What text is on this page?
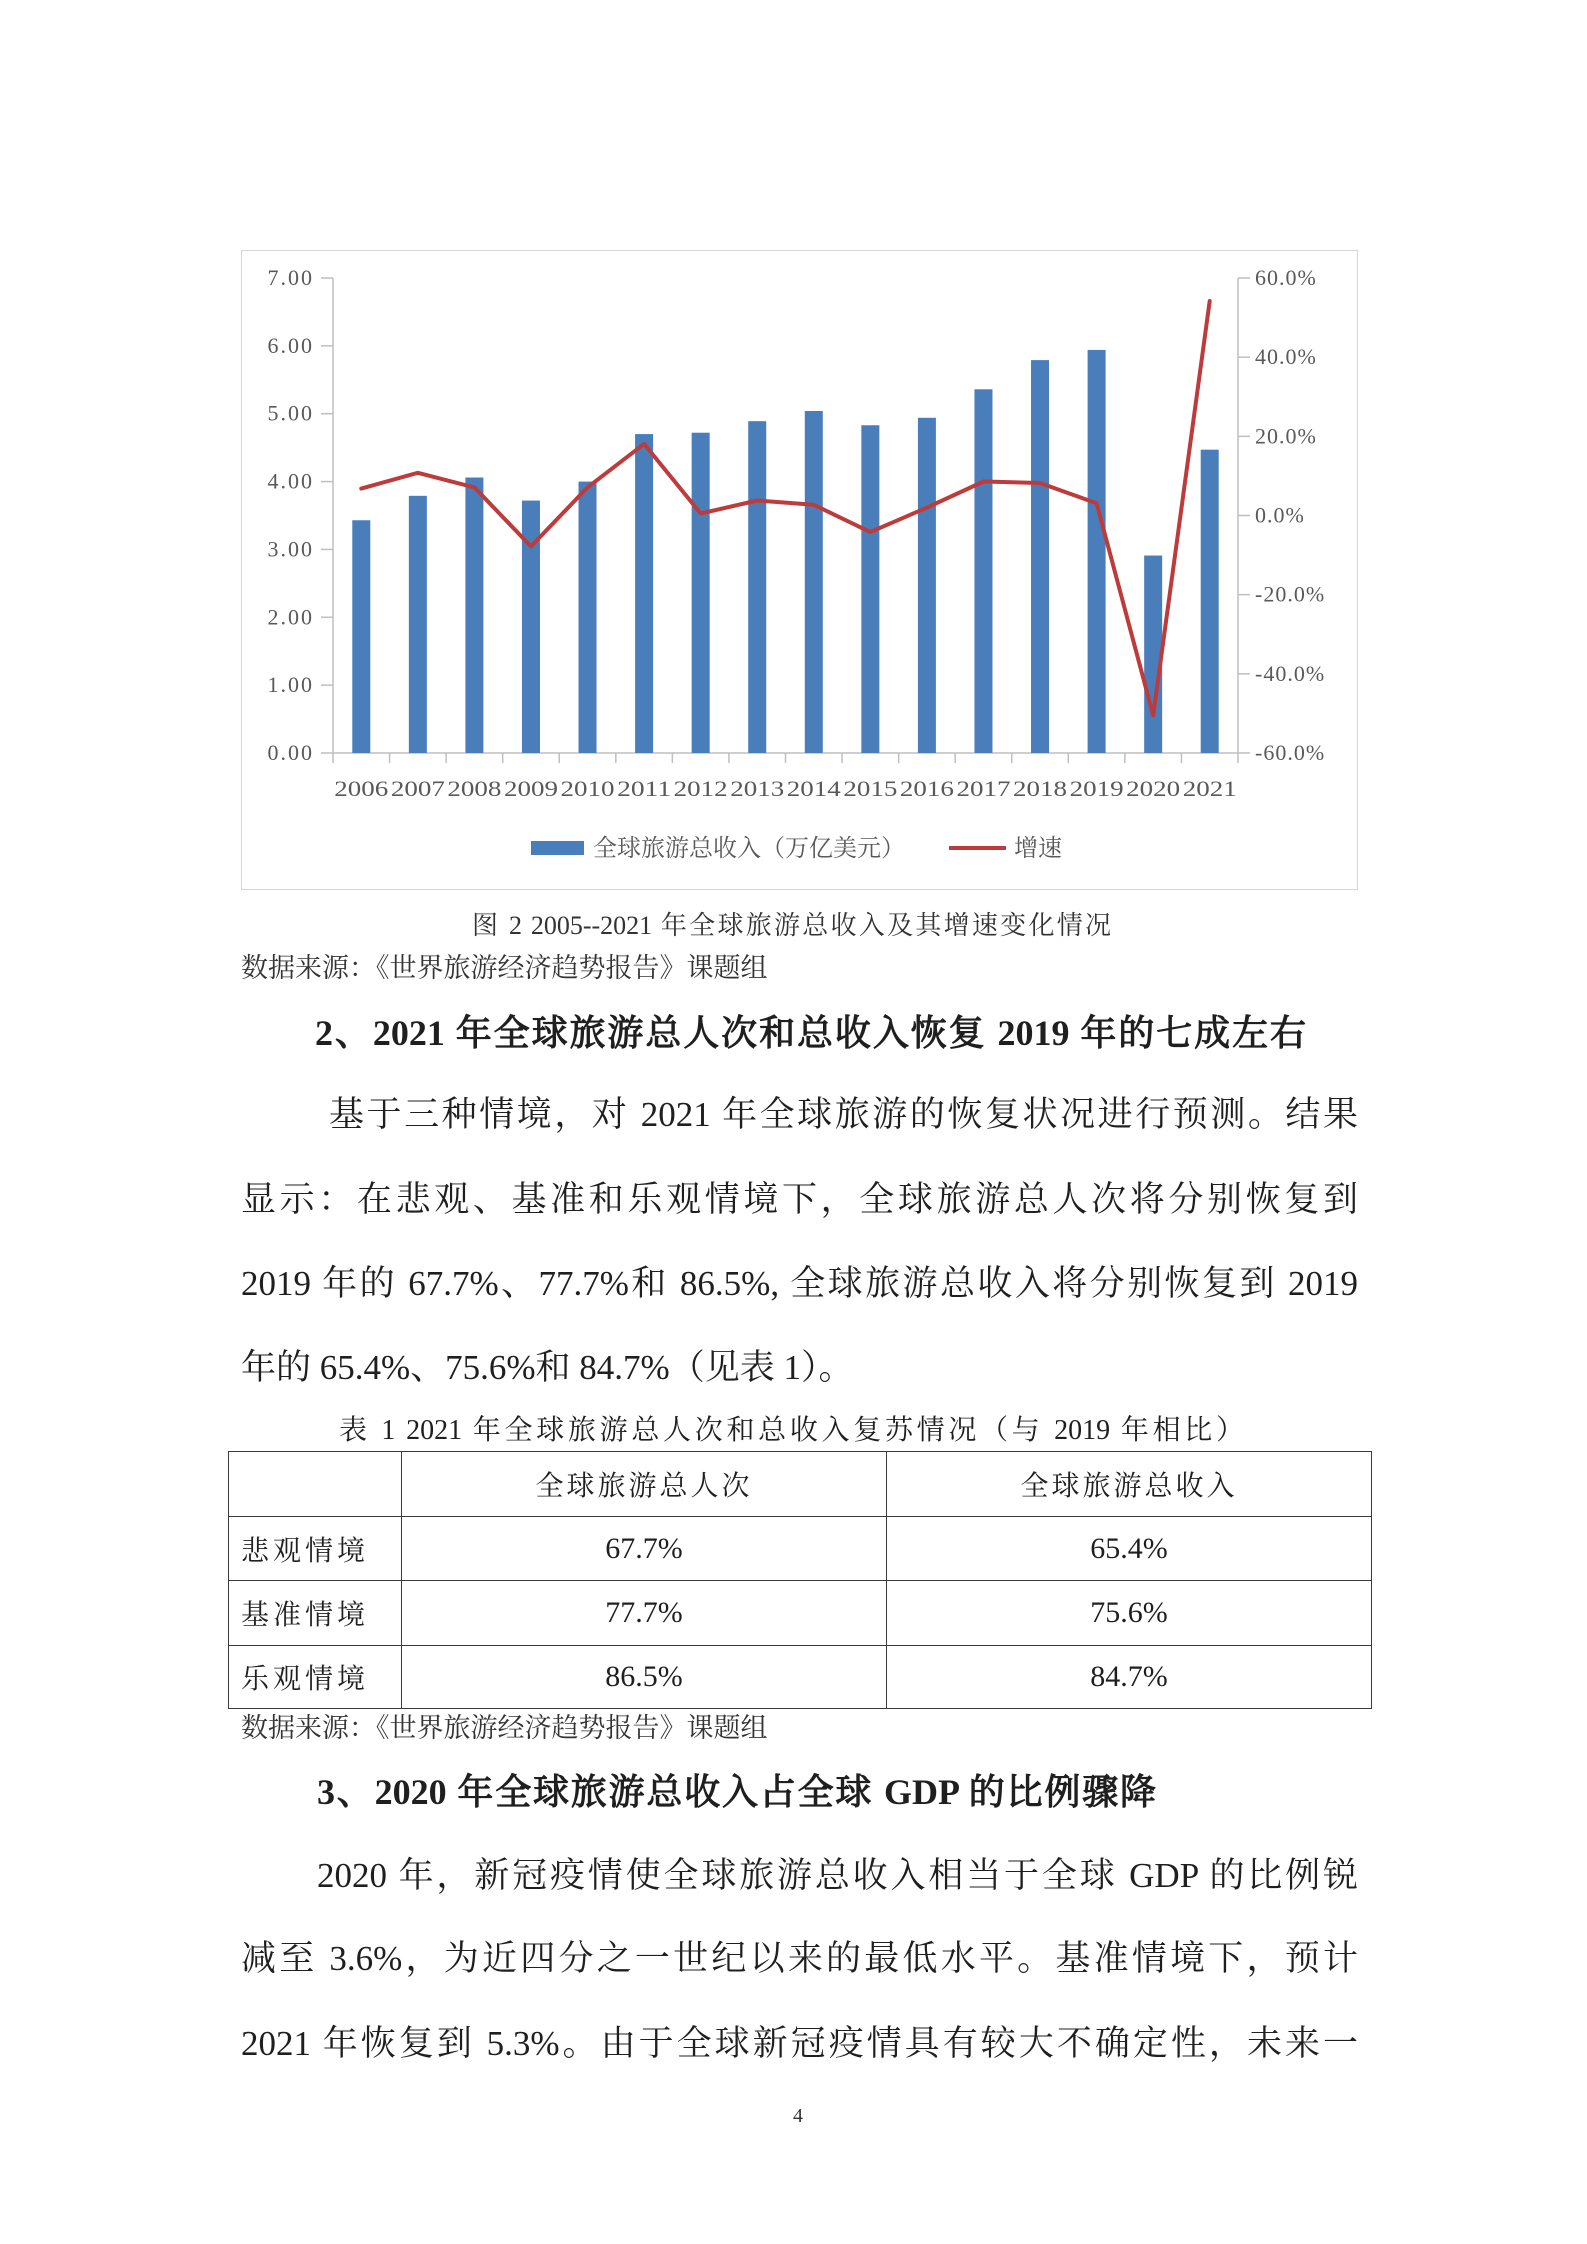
0.00
1.00
2.00
3.00
4.00
5.00
6.00
7.00
-60.0%
-40.0%
-20.0%
0.0%
20.0%
40.0%
60.0%
2006 2007 2008 2009 2010 2011 2012 2013 2014 2015 2016 2017 2018 2019 2020 2021
全球旅游总收入（万亿美元）	增速
图 2 2005--2021 年全球旅游总收入及其增速变化情况
数据来源：《世界旅游经济趋势报告》课题组
2、2021 年全球旅游总人次和总收入恢复 2019 年的七成左右
基于三种情境，对 2021 年全球旅游的恢复状况进行预测。结果
显示：在悲观、基准和乐观情境下，全球旅游总人次将分别恢复到
2019 年的 67.7%、77.7%和 86.5%, 全球旅游总收入将分别恢复到 2019
年的 65.4%、75.6%和 84.7%（见表 1）。
表 1 2021 年全球旅游总人次和总收入复苏情况（与 2019 年相比）
	全球旅游总人次	全球旅游总收入
悲观情境	67.7%	65.4%
基准情境	77.7%	75.6%
乐观情境	86.5%	84.7%
数据来源：《世界旅游经济趋势报告》课题组
3、2020 年全球旅游总收入占全球 GDP 的比例骤降
2020 年，新冠疫情使全球旅游总收入相当于全球 GDP 的比例锐
减至 3.6%，为近四分之一世纪以来的最低水平。基准情境下，预计
2021 年恢复到 5.3%。由于全球新冠疫情具有较大不确定性，未来一
4
